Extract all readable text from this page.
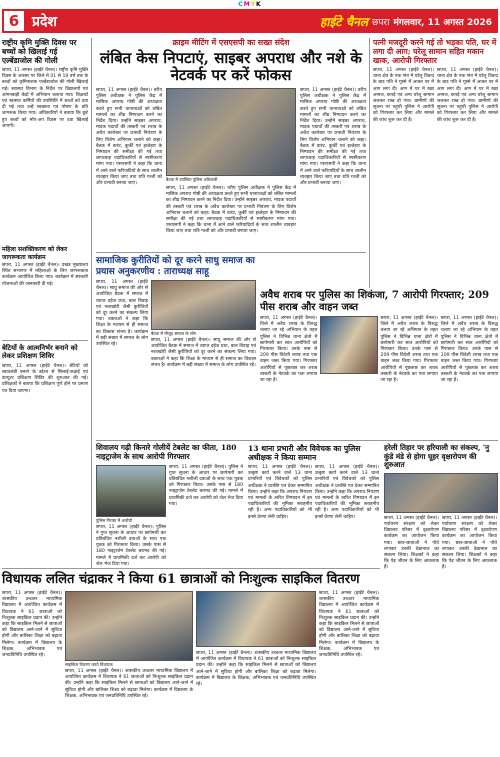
CMYK
6 प्रदेश	हाईटे चैनल छपरा मंगलवार, 11 अगस्त 2026
राष्ट्रीय कृमि मुक्ति दिवस पर बच्चों को खिलाई गई एल्बेंडाजोल की गोली
छपरा, 11 अगस्त (हाईटे चैनल)। राष्ट्रीय कृमि मुक्ति दिवस के अवसर पर जिले में 01 से 19 वर्ष तक के बच्चों को कृमिनाशक एल्बेंडाजोल की गोली खिलाई गई। स्वास्थ्य विभाग के निर्देश पर विद्यालयों एवं आंगनबाड़ी केंद्रों में अभियान चलाया गया। शिक्षकों एवं स्वास्थ्य कर्मियों की उपस्थिति में बच्चों को दवा दी गई तथा उन्हें स्वच्छता एवं पोषण के प्रति जागरूक किया गया। अधिकारियों ने बताया कि छूटे हुए बच्चों को मॉप-अप दिवस पर दवा खिलाई जाएगी।
महिला सशक्तिकरण को लेकर जागरूकता कार्यक्रम
छपरा, 11 अगस्त (हाईटे चैनल)। प्रखंड मुख्यालय स्थित सभागार में महिलाओं के लिए जागरूकता कार्यक्रम आयोजित किया गया। कार्यक्रम में सरकारी योजनाओं की जानकारी दी गई।
बेटियों के आत्मनिर्भर बनाने को लेकर प्रशिक्षण शिविर
छपरा, 11 अगस्त (हाईटे चैनल)। बेटियों को स्वावलंबी बनाने के उद्देश्य से सिलाई-कढ़ाई एवं कंप्यूटर प्रशिक्षण शिविर की शुरुआत की गई। प्रशिक्षकों ने बताया कि प्रशिक्षण पूर्ण होने पर प्रमाण पत्र दिया जाएगा।
क्राइम मीटिंग में एसएसपी का सख्त संदेश
लंबित केस निपटाएं, साइबर अपराध और नशे के नेटवर्क पर करें फोकस
छपरा, 11 अगस्त (हाईटे चैनल)। वरीय पुलिस अधीक्षक ने पुलिस केंद्र में मासिक अपराध गोष्ठी की अध्यक्षता करते हुए सभी थानाध्यक्षों को लंबित मामलों का शीघ्र निष्पादन करने का निर्देश दिया। उन्होंने साइबर अपराध, मादक पदार्थों की तस्करी एवं शराब के अवैध कारोबार पर प्रभावी नियंत्रण के लिए विशेष अभियान चलाने को कहा। बैठक में वारंट, कुर्की एवं इश्तेहार के निष्पादन की समीक्षा की गई तथा लापरवाह पदाधिकारियों से स्पष्टीकरण मांगा गया। एसएसपी ने कहा कि थाना में आने वाले फरियादियों के साथ शालीन व्यवहार किया जाए तथा रात्रि गश्ती को और प्रभावी बनाया जाए।
बैठक में उपस्थित पुलिस अधिकारी
छपरा, 11 अगस्त (हाईटे चैनल)। वरीय पुलिस अधीक्षक ने पुलिस केंद्र में मासिक अपराध गोष्ठी की अध्यक्षता करते हुए सभी थानाध्यक्षों को लंबित मामलों का शीघ्र निष्पादन करने का निर्देश दिया। उन्होंने साइबर अपराध, मादक पदार्थों की तस्करी एवं शराब के अवैध कारोबार पर प्रभावी नियंत्रण के लिए विशेष अभियान चलाने को कहा। बैठक में वारंट, कुर्की एवं इश्तेहार के निष्पादन की समीक्षा की गई तथा लापरवाह पदाधिकारियों से स्पष्टीकरण मांगा गया। एसएसपी ने कहा कि थाना में आने वाले फरियादियों के साथ शालीन व्यवहार किया जाए तथा रात्रि गश्ती को और प्रभावी बनाया जाए।
छपरा, 11 अगस्त (हाईटे चैनल)। वरीय पुलिस अधीक्षक ने पुलिस केंद्र में मासिक अपराध गोष्ठी की अध्यक्षता करते हुए सभी थानाध्यक्षों को लंबित मामलों का शीघ्र निष्पादन करने का निर्देश दिया। उन्होंने साइबर अपराध, मादक पदार्थों की तस्करी एवं शराब के अवैध कारोबार पर प्रभावी नियंत्रण के लिए विशेष अभियान चलाने को कहा। बैठक में वारंट, कुर्की एवं इश्तेहार के निष्पादन की समीक्षा की गई तथा लापरवाह पदाधिकारियों से स्पष्टीकरण मांगा गया। एसएसपी ने कहा कि थाना में आने वाले फरियादियों के साथ शालीन व्यवहार किया जाए तथा रात्रि गश्ती को और प्रभावी बनाया जाए।
पत्नी मजदूरी करने गई तो भड़का पति, घर में लगा दी आग; घरेलू सामान सहित मकान खाक, आरोपी गिरफ्तार
छपरा, 11 अगस्त (हाईटे चैनल)। थाना क्षेत्र के एक गांव में घरेलू विवाद के बाद पति ने गुस्से में आकर घर में आग लगा दी। आग में घर में रखा अनाज, कपड़े एवं अन्य घरेलू सामान जलकर राख हो गया। ग्रामीणों की सूचना पर पहुंची पुलिस ने आरोपी को गिरफ्तार कर लिया और मामले की जांच शुरू कर दी है।
छपरा, 11 अगस्त (हाईटे चैनल)। थाना क्षेत्र के एक गांव में घरेलू विवाद के बाद पति ने गुस्से में आकर घर में आग लगा दी। आग में घर में रखा अनाज, कपड़े एवं अन्य घरेलू सामान जलकर राख हो गया। ग्रामीणों की सूचना पर पहुंची पुलिस ने आरोपी को गिरफ्तार कर लिया और मामले की जांच शुरू कर दी है।
सामाजिक कुरीतियों को दूर करने साधु समाज का प्रयास अनुकरणीय : ताराध्यक्ष साहू
छपरा, 11 अगस्त (हाईटे चैनल)। साधु समाज की ओर से आयोजित बैठक में समाज में व्याप्त दहेज प्रथा, बाल विवाह एवं नशाखोरी जैसी कुरीतियों को दूर करने का संकल्प लिया गया। वक्ताओं ने कहा कि शिक्षा के माध्यम से ही समाज का विकास संभव है। कार्यक्रम में बड़ी संख्या में समाज के लोग उपस्थित रहे।
बैठक में मौजूद समाज के लोग
छपरा, 11 अगस्त (हाईटे चैनल)। साधु समाज की ओर से आयोजित बैठक में समाज में व्याप्त दहेज प्रथा, बाल विवाह एवं नशाखोरी जैसी कुरीतियों को दूर करने का संकल्प लिया गया। वक्ताओं ने कहा कि शिक्षा के माध्यम से ही समाज का विकास संभव है। कार्यक्रम में बड़ी संख्या में समाज के लोग उपस्थित रहे।
अवैध शराब पर पुलिस का शिकंजा, 7 आरोपी गिरफ्तार; 209 पीस शराब और वाहन जब्त
छपरा, 11 अगस्त (हाईटे चैनल)। जिले में अवैध शराब के विरुद्ध चलाए जा रहे अभियान के तहत पुलिस ने विभिन्न थाना क्षेत्रों में छापेमारी कर सात आरोपियों को गिरफ्तार किया। उनके पास से 209 पीस विदेशी शराब तथा एक वाहन जब्त किया गया। गिरफ्तार आरोपियों से पूछताछ कर शराब तस्करी के नेटवर्क का पता लगाया जा रहा है।
छपरा, 11 अगस्त (हाईटे चैनल)। जिले में अवैध शराब के विरुद्ध चलाए जा रहे अभियान के तहत पुलिस ने विभिन्न थाना क्षेत्रों में छापेमारी कर सात आरोपियों को गिरफ्तार किया। उनके पास से 209 पीस विदेशी शराब तथा एक वाहन जब्त किया गया। गिरफ्तार आरोपियों से पूछताछ कर शराब तस्करी के नेटवर्क का पता लगाया जा रहा है।
छपरा, 11 अगस्त (हाईटे चैनल)। जिले में अवैध शराब के विरुद्ध चलाए जा रहे अभियान के तहत पुलिस ने विभिन्न थाना क्षेत्रों में छापेमारी कर सात आरोपियों को गिरफ्तार किया। उनके पास से 209 पीस विदेशी शराब तथा एक वाहन जब्त किया गया। गिरफ्तार आरोपियों से पूछताछ कर शराब तस्करी के नेटवर्क का पता लगाया जा रहा है।
शिवालय गढ़ी किनारे गोलीयें टेबलेट का फीता, 180 नाइट्राजेम के साथ आरोपी गिरफ्तार
पुलिस गिरफ्त में आरोपी
छपरा, 11 अगस्त (हाईटे चैनल)। पुलिस ने गुप्त सूचना के आधार पर छापेमारी कर प्रतिबंधित नशीली दवाओं के साथ एक युवक को गिरफ्तार किया। उसके पास से 180 नाइट्राजेम टेबलेट बरामद की गई। मामले में प्राथमिकी दर्ज कर आरोपी को जेल भेज दिया गया।
छपरा, 11 अगस्त (हाईटे चैनल)। पुलिस ने गुप्त सूचना के आधार पर छापेमारी कर प्रतिबंधित नशीली दवाओं के साथ एक युवक को गिरफ्तार किया। उसके पास से 180 नाइट्राजेम टेबलेट बरामद की गई। मामले में प्राथमिकी दर्ज कर आरोपी को जेल भेज दिया गया।
13 थाना प्रभारी और विवेचक का पुलिस अधीक्षक ने किया सम्मान
छपरा, 11 अगस्त (हाईटे चैनल)। उत्कृष्ट कार्य करने वाले 13 थाना प्रभारियों एवं विवेचकों को पुलिस अधीक्षक ने प्रशस्ति पत्र देकर सम्मानित किया। उन्होंने कहा कि अपराध नियंत्रण एवं मामलों के त्वरित निष्पादन में इन पदाधिकारियों की भूमिका सराहनीय रही है। अन्य पदाधिकारियों को भी इनसे प्रेरणा लेनी चाहिए।
छपरा, 11 अगस्त (हाईटे चैनल)। उत्कृष्ट कार्य करने वाले 13 थाना प्रभारियों एवं विवेचकों को पुलिस अधीक्षक ने प्रशस्ति पत्र देकर सम्मानित किया। उन्होंने कहा कि अपराध नियंत्रण एवं मामलों के त्वरित निष्पादन में इन पदाधिकारियों की भूमिका सराहनीय रही है। अन्य पदाधिकारियों को भी इनसे प्रेरणा लेनी चाहिए।
हरेली तिहार पर हरियाली का संकल्प, 'नु कुंडे मंडे से होगा घूहर वृक्षारोपण की शुरुआत
छपरा, 11 अगस्त (हाईटे चैनल)। पर्यावरण संरक्षण को लेकर विद्यालय परिसर में वृक्षारोपण कार्यक्रम का आयोजन किया गया। छात्र-छात्राओं ने पौधे लगाकर उनकी देखभाल का संकल्प लिया। शिक्षकों ने कहा कि पेड़ जीवन के लिए आवश्यक हैं।
छपरा, 11 अगस्त (हाईटे चैनल)। पर्यावरण संरक्षण को लेकर विद्यालय परिसर में वृक्षारोपण कार्यक्रम का आयोजन किया गया। छात्र-छात्राओं ने पौधे लगाकर उनकी देखभाल का संकल्प लिया। शिक्षकों ने कहा कि पेड़ जीवन के लिए आवश्यक हैं।
विधायक ललित चंद्राकर ने किया 61 छात्राओं को निःशुल्क साइकिल वितरण
छपरा, 11 अगस्त (हाईटे चैनल)। शासकीय उच्चतर माध्यमिक विद्यालय में आयोजित कार्यक्रम में विधायक ने 61 छात्राओं को निःशुल्क साइकिल प्रदान की। उन्होंने कहा कि साइकिल मिलने से छात्राओं को विद्यालय आने-जाने में सुविधा होगी और बालिका शिक्षा को बढ़ावा मिलेगा। कार्यक्रम में विद्यालय के शिक्षक, अभिभावक एवं जनप्रतिनिधि उपस्थित रहे।
साइकिल वितरण करते विधायक
छपरा, 11 अगस्त (हाईटे चैनल)। शासकीय उच्चतर माध्यमिक विद्यालय में आयोजित कार्यक्रम में विधायक ने 61 छात्राओं को निःशुल्क साइकिल प्रदान की। उन्होंने कहा कि साइकिल मिलने से छात्राओं को विद्यालय आने-जाने में सुविधा होगी और बालिका शिक्षा को बढ़ावा मिलेगा। कार्यक्रम में विद्यालय के शिक्षक, अभिभावक एवं जनप्रतिनिधि उपस्थित रहे।
छपरा, 11 अगस्त (हाईटे चैनल)। शासकीय उच्चतर माध्यमिक विद्यालय में आयोजित कार्यक्रम में विधायक ने 61 छात्राओं को निःशुल्क साइकिल प्रदान की। उन्होंने कहा कि साइकिल मिलने से छात्राओं को विद्यालय आने-जाने में सुविधा होगी और बालिका शिक्षा को बढ़ावा मिलेगा। कार्यक्रम में विद्यालय के शिक्षक, अभिभावक एवं जनप्रतिनिधि उपस्थित रहे।
छपरा, 11 अगस्त (हाईटे चैनल)। शासकीय उच्चतर माध्यमिक विद्यालय में आयोजित कार्यक्रम में विधायक ने 61 छात्राओं को निःशुल्क साइकिल प्रदान की। उन्होंने कहा कि साइकिल मिलने से छात्राओं को विद्यालय आने-जाने में सुविधा होगी और बालिका शिक्षा को बढ़ावा मिलेगा। कार्यक्रम में विद्यालय के शिक्षक, अभिभावक एवं जनप्रतिनिधि उपस्थित रहे।
